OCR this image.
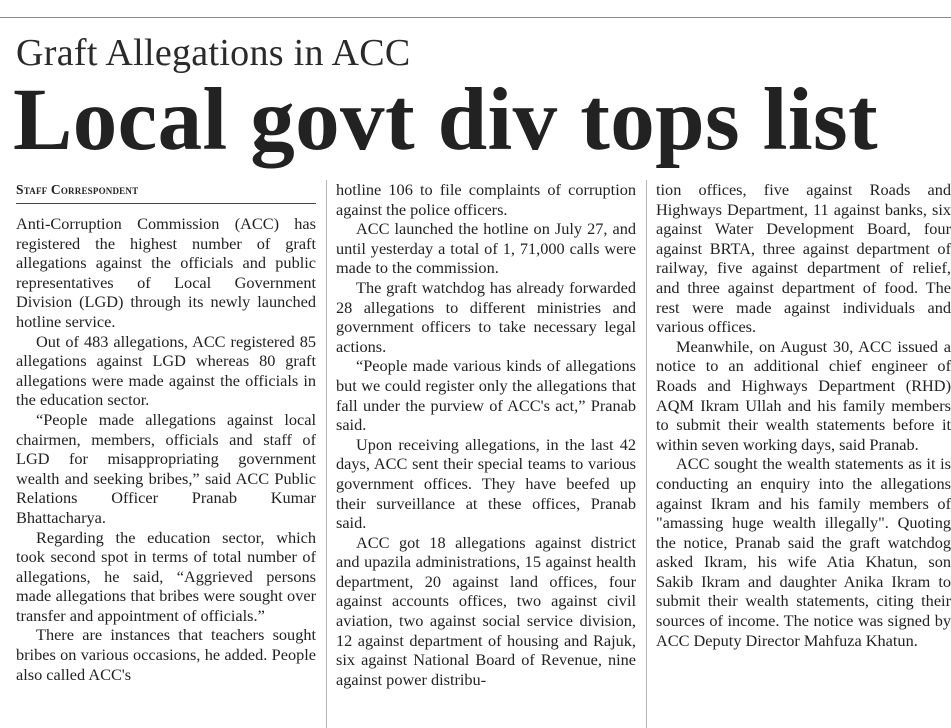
Graft Allegations in ACC
Local govt div tops list
Staff Correspondent

Anti-Corruption Commission (ACC) has registered the highest number of graft allegations against the officials and public representatives of Local Government Division (LGD) through its newly launched hotline service.

Out of 483 allegations, ACC registered 85 allegations against LGD whereas 80 graft allegations were made against the officials in the education sector.

“People made allegations against local chairmen, members, officials and staff of LGD for misappropriating government wealth and seeking bribes,” said ACC Public Relations Officer Pranab Kumar Bhattacharya.

Regarding the education sector, which took second spot in terms of total number of allegations, he said, “Aggrieved persons made allegations that bribes were sought over transfer and appointment of officials.”

There are instances that teachers sought bribes on various occasions, he added. People also called ACC's

hotline 106 to file complaints of corruption against the police officers.

ACC launched the hotline on July 27, and until yesterday a total of 1, 71,000 calls were made to the commission.

The graft watchdog has already forwarded 28 allegations to different ministries and government officers to take necessary legal actions.

“People made various kinds of allegations but we could register only the allegations that fall under the purview of ACC's act,” Pranab said.

Upon receiving allegations, in the last 42 days, ACC sent their special teams to various government offices. They have beefed up their surveillance at these offices, Pranab said.

ACC got 18 allegations against district and upazila administrations, 15 against health department, 20 against land offices, four against accounts offices, two against civil aviation, two against social service division, 12 against department of housing and Rajuk, six against National Board of Revenue, nine against power distribu-

tion offices, five against Roads and Highways Department, 11 against banks, six against Water Development Board, four against BRTA, three against department of railway, five against department of relief, and three against department of food. The rest were made against individuals and various offices.

Meanwhile, on August 30, ACC issued a notice to an additional chief engineer of Roads and Highways Department (RHD) AQM Ikram Ullah and his family members to submit their wealth statements before it within seven working days, said Pranab.

ACC sought the wealth statements as it is conducting an enquiry into the allegations against Ikram and his family members of "amassing huge wealth illegally". Quoting the notice, Pranab said the graft watchdog asked Ikram, his wife Atia Khatun, son Sakib Ikram and daughter Anika Ikram to submit their wealth statements, citing their sources of income. The notice was signed by ACC Deputy Director Mahfuza Khatun.
